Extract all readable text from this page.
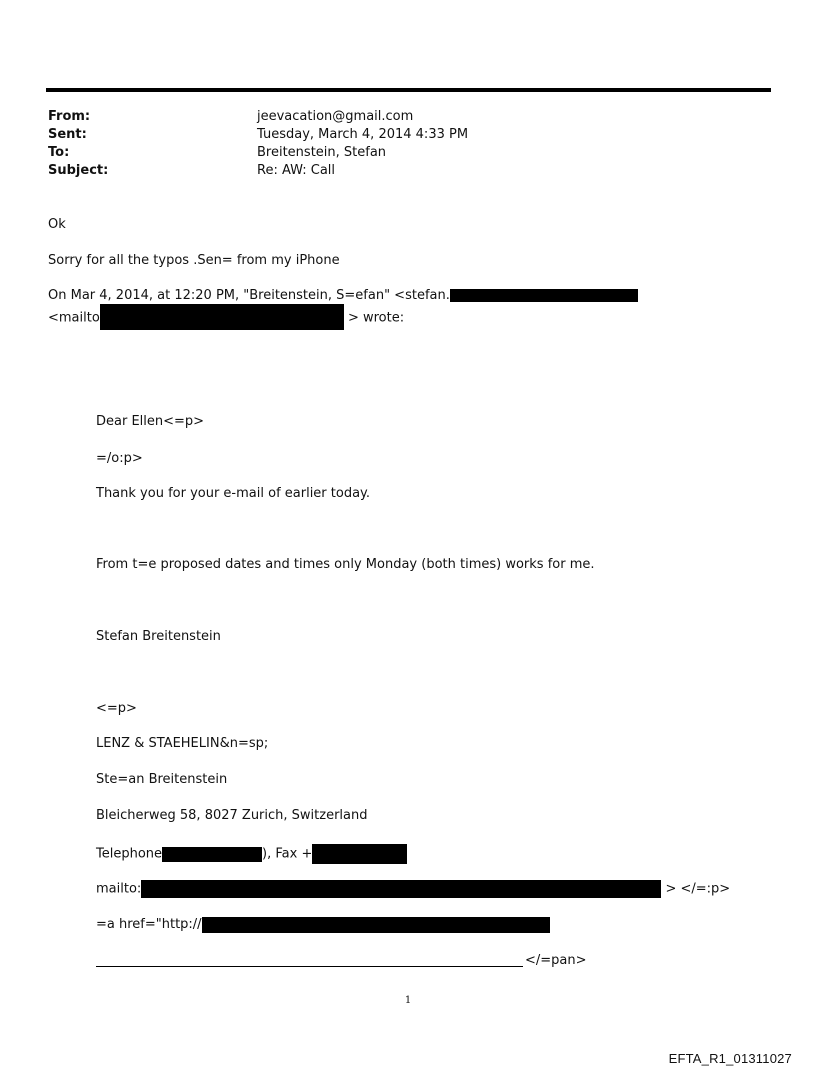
From:	jeevacation@gmail.com
Sent:	Tuesday, March 4, 2014 4:33 PM
To:	Breitenstein, Stefan
Subject:	Re: AW: Call
Ok
Sorry for all the typos .Sen= from my iPhone
On Mar 4, 2014, at 12:20 PM, "Breitenstein, S=efan" <stefan.
<mailto	> wrote:
Dear Ellen<=p>
=/o:p>
Thank you for your e-mail of earlier today.
From t=e proposed dates and times only Monday (both times) works for me.
Stefan Breitenstein
<=p>
LENZ & STAEHELIN&n=sp;
Ste=an Breitenstein
Bleicherweg 58, 8027 Zurich, Switzerland
Telephone	), Fax +
mailto:	> </=:p>
=a href="http://
</=pan>
1
EFTA_R1_01311027
